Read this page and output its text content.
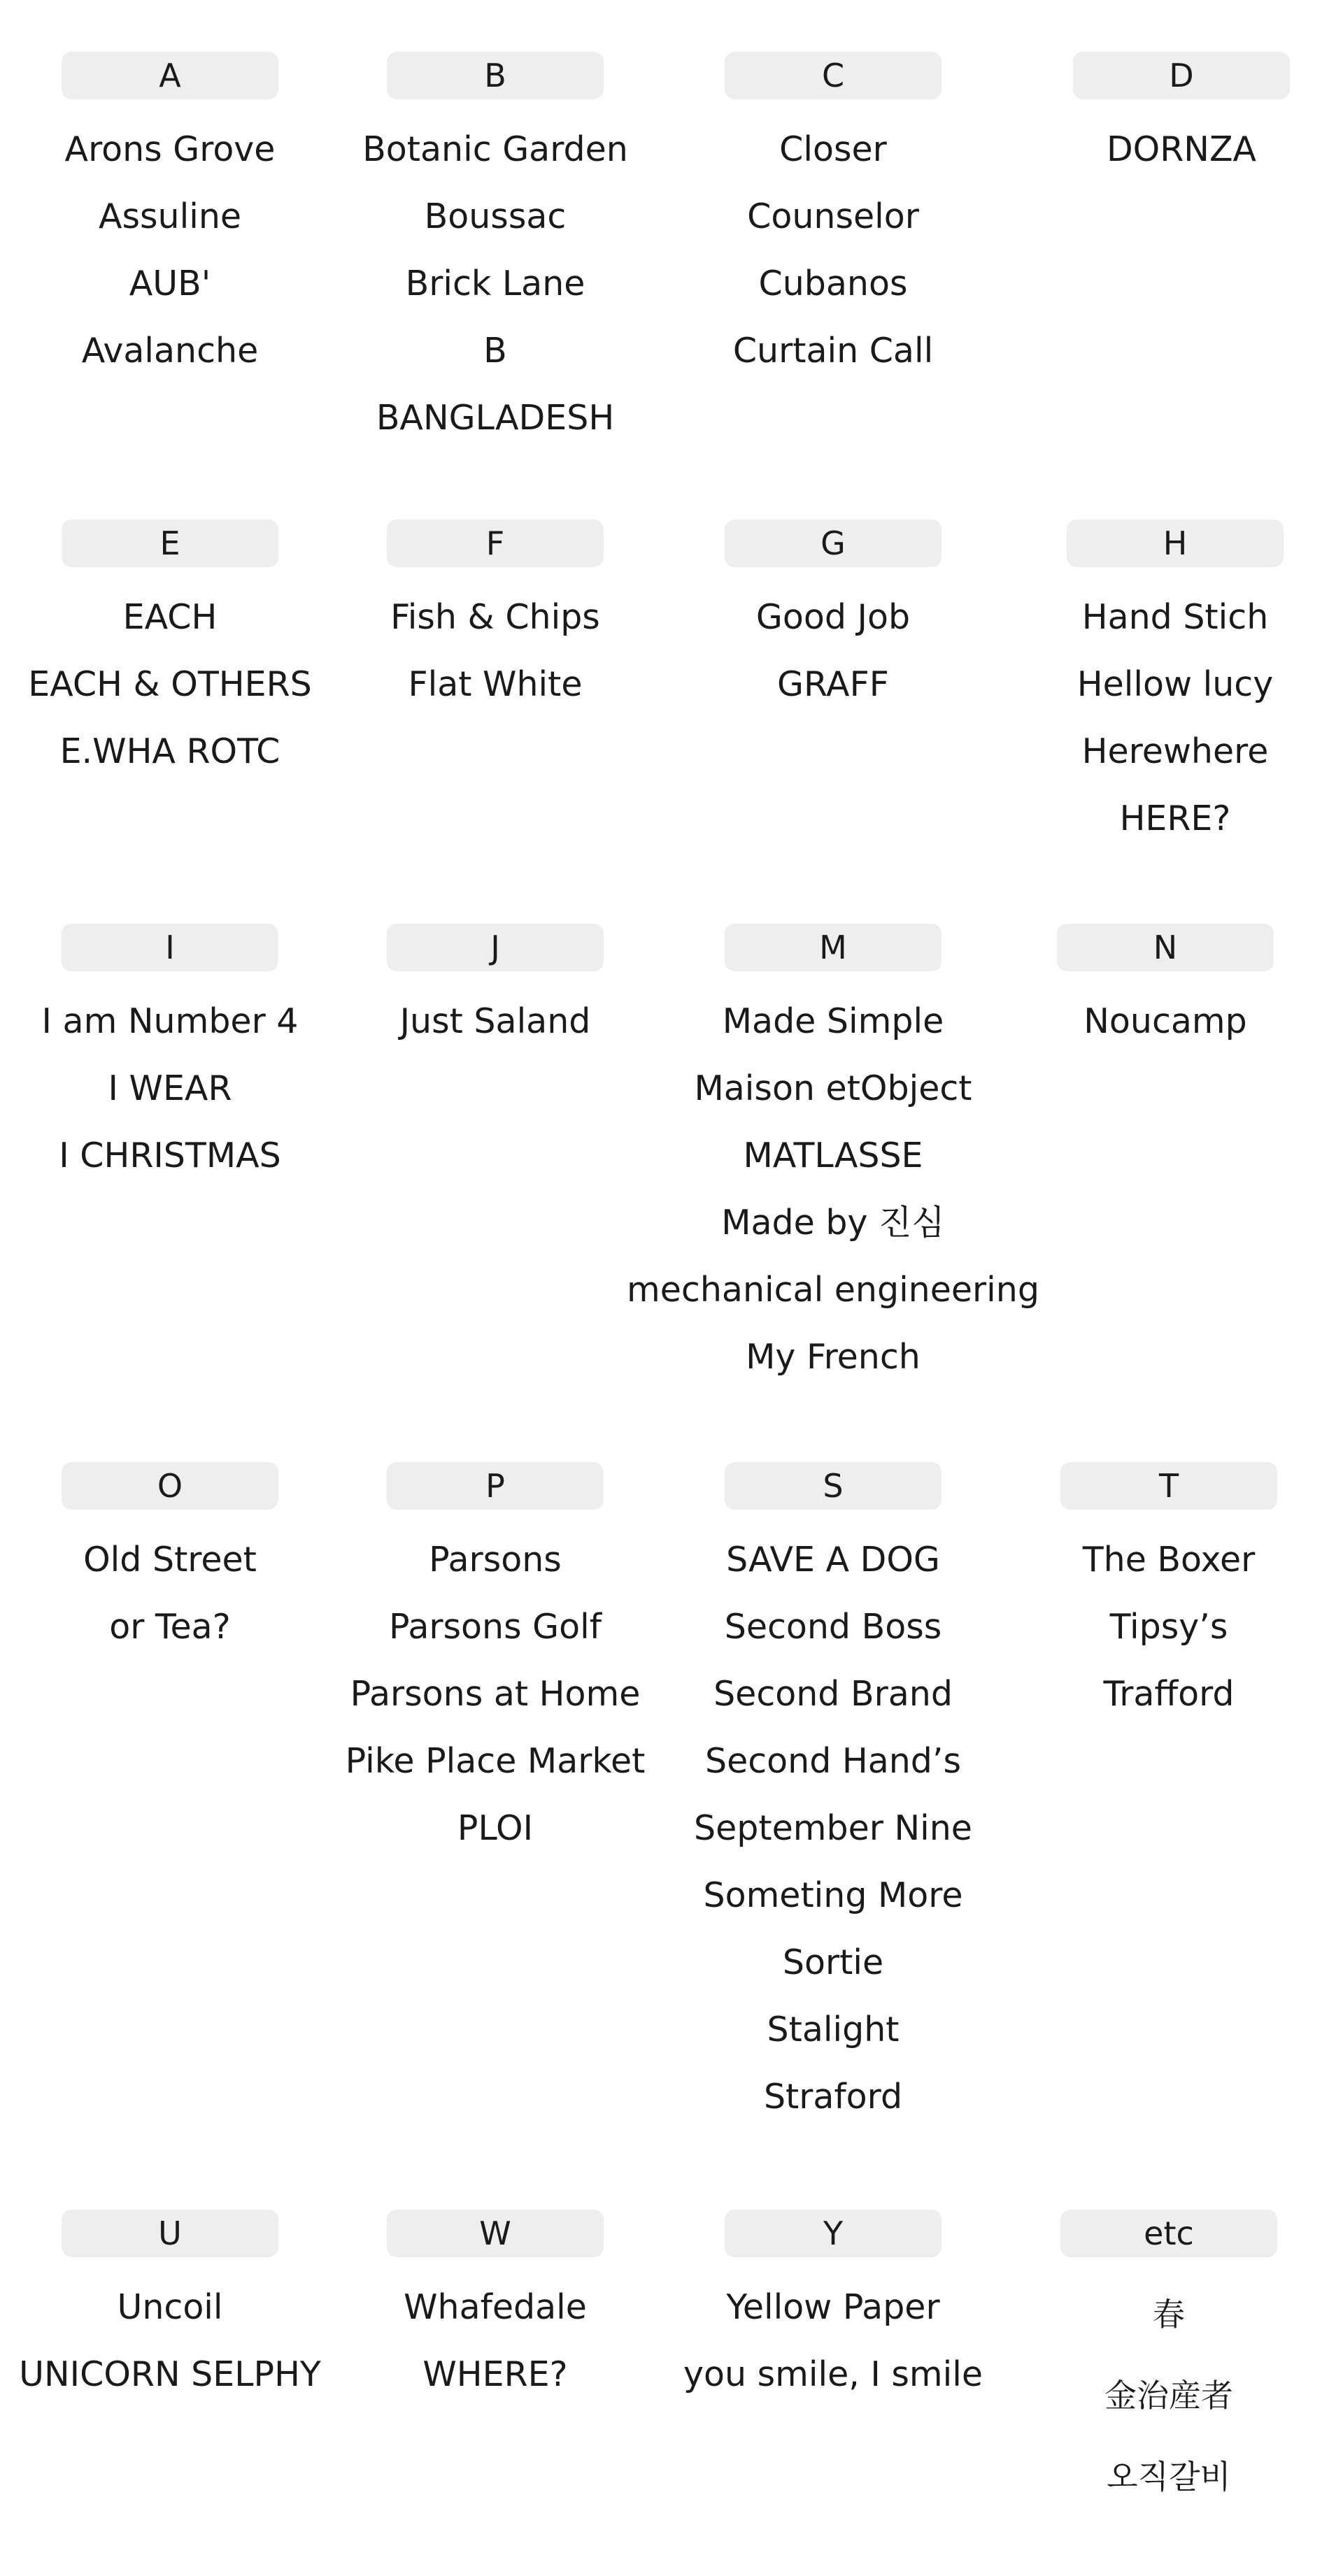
A
Arons Grove
Assuline
AUB'
Avalanche
B
Botanic Garden
Boussac
Brick Lane
B
BANGLADESH
C
Closer
Counselor
Cubanos
Curtain Call
D
DORNZA
E
EACH
EACH & OTHERS
E.WHA ROTC
F
Fish & Chips
Flat White
G
Good Job
GRAFF
H
Hand Stich
Hellow lucy
Herewhere
HERE?
I
I am Number 4
I WEAR
I CHRISTMAS
J
Just Saland
M
Made Simple
Maison etObject
MATLASSE
Made by 진심
mechanical engineering
My French
N
Noucamp
O
Old Street
or Tea?
P
Parsons
Parsons Golf
Parsons at Home
Pike Place Market
PLOI
S
SAVE A DOG
Second Boss
Second Brand
Second Hand’s
September Nine
Someting More
Sortie
Stalight
Straford
T
The Boxer
Tipsy’s
Trafford
U
Uncoil
UNICORN SELPHY
W
Whafedale
WHERE?
Y
Yellow Paper
you smile, I smile
etc
春
金治産者
오직갈비
